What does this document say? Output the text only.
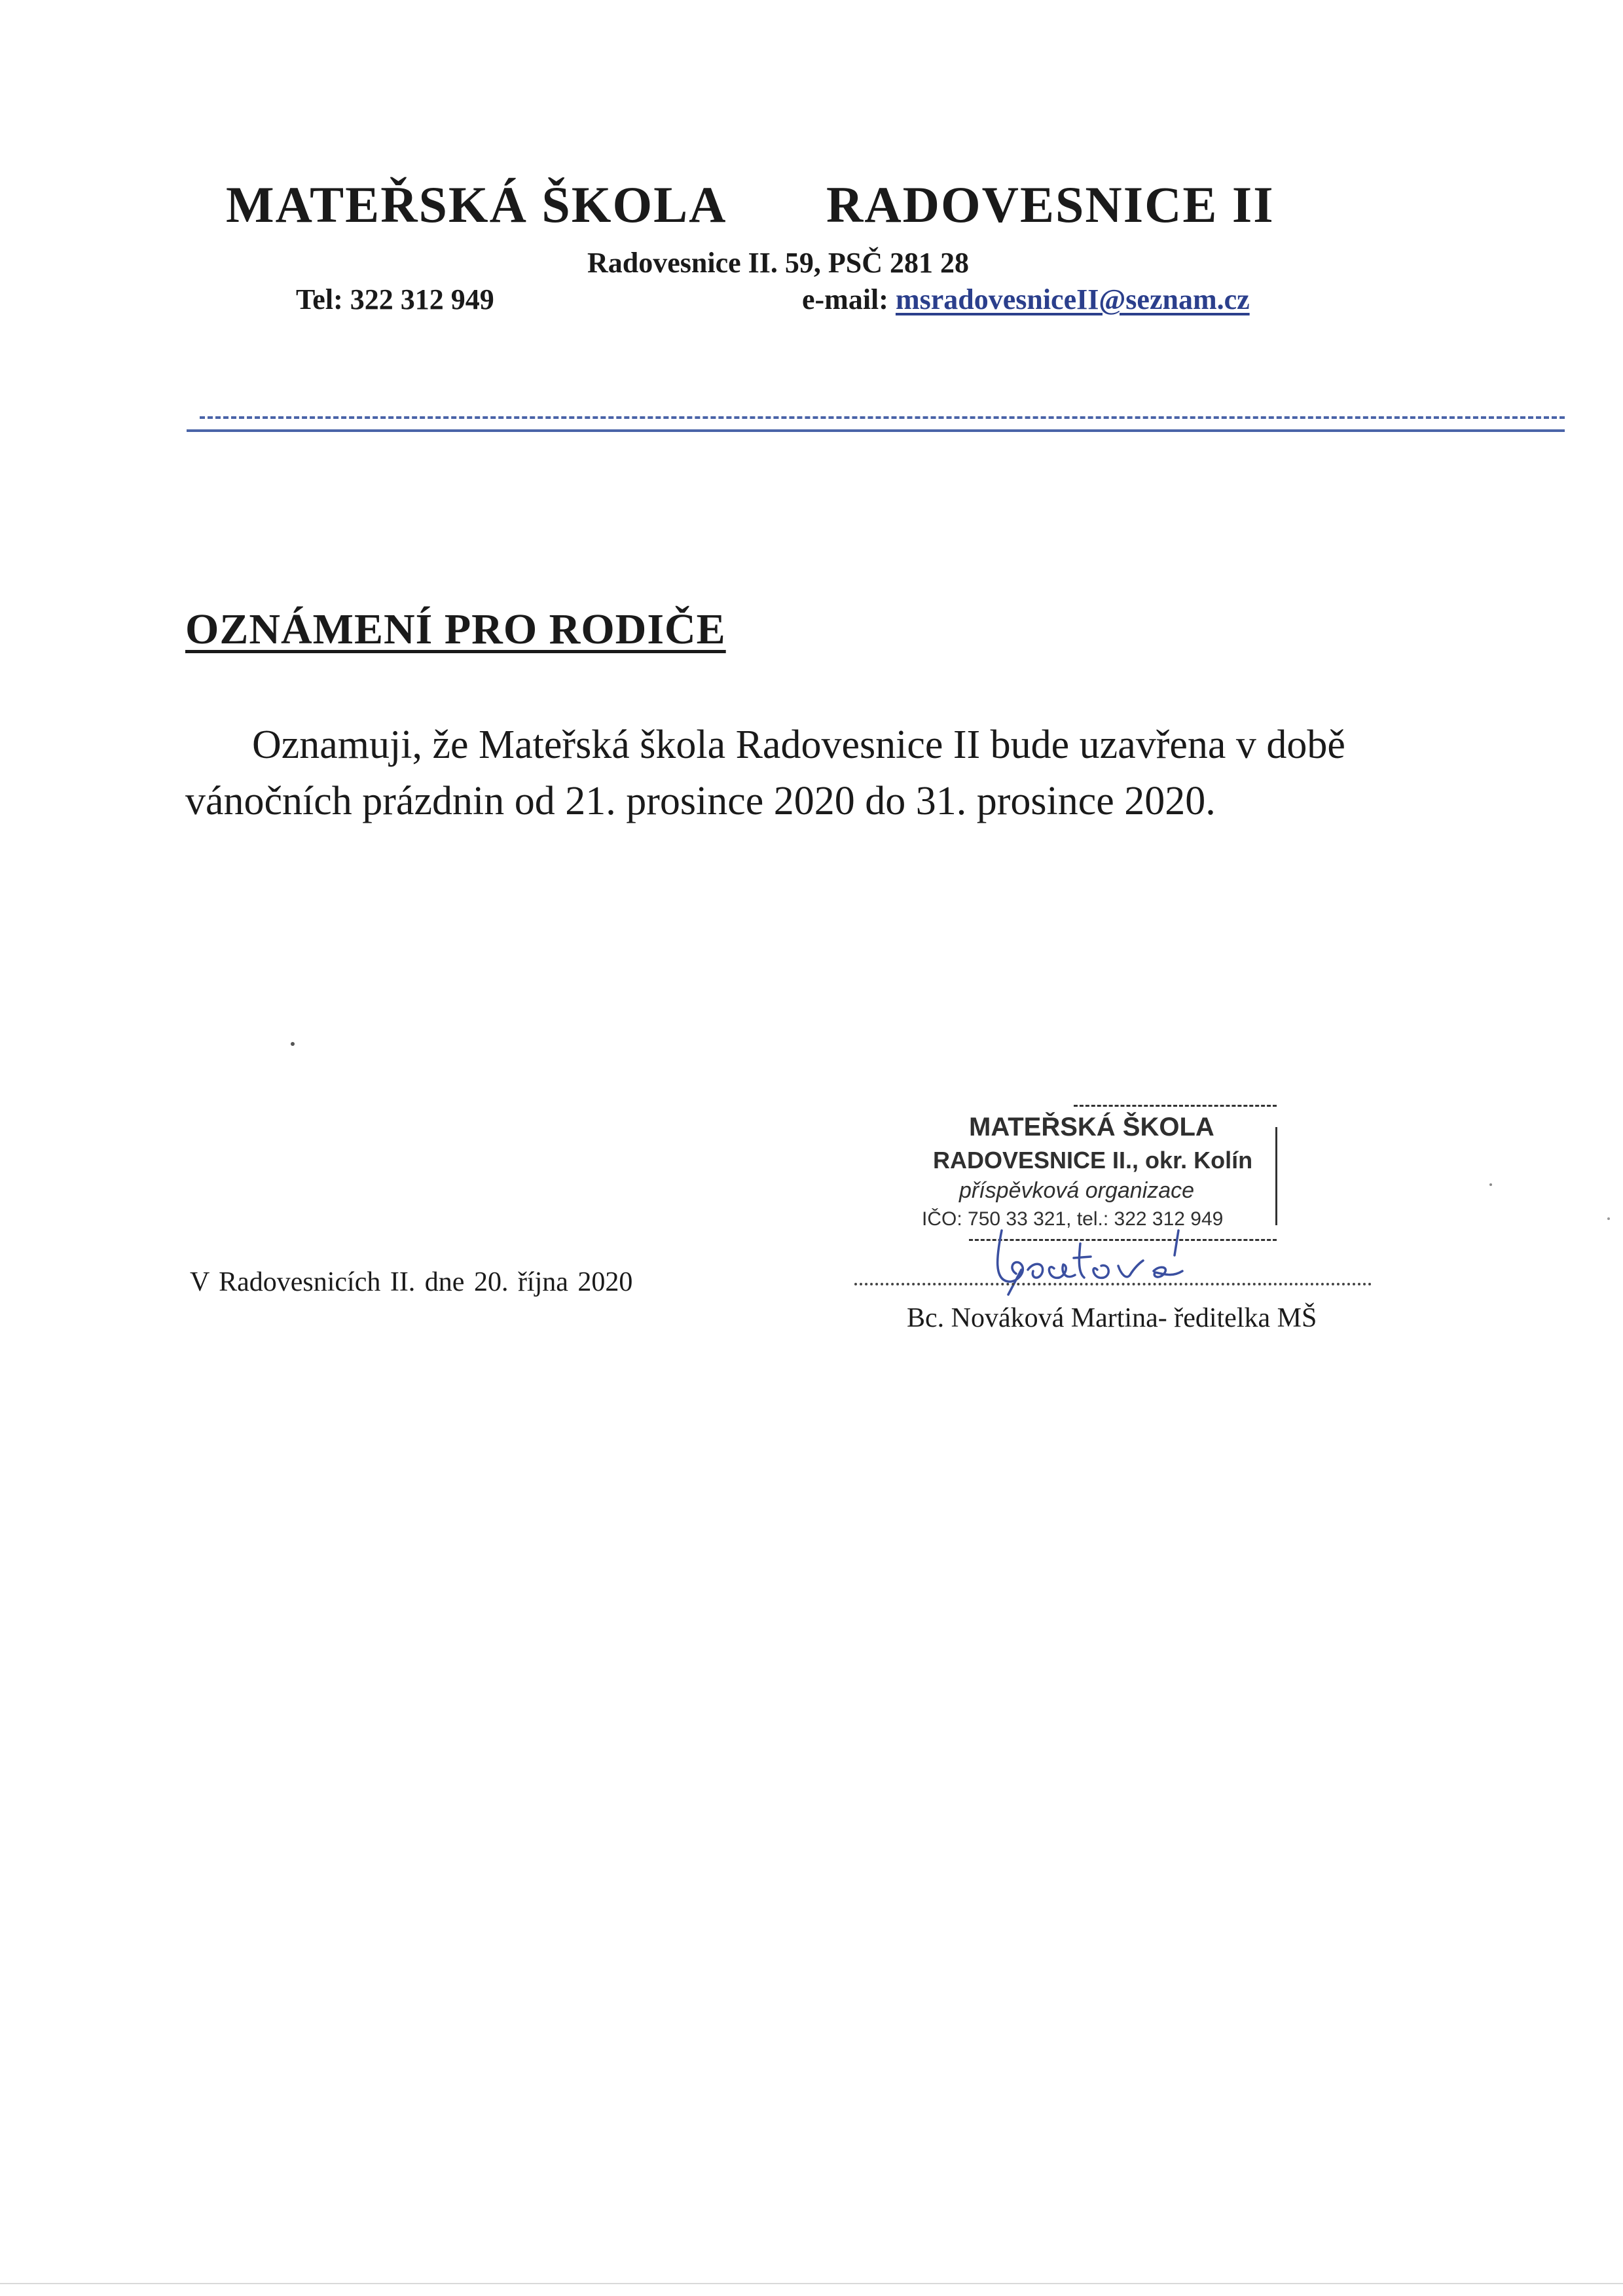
MATEŘSKÁ ŠKOLA RADOVESNICE II
Radovesnice II. 59, PSČ 281 28
Tel: 322 312 949	e-mail: msradovesniceII@seznam.cz
OZNÁMENÍ PRO RODIČE
Oznamuji, že Mateřská škola Radovesnice II bude uzavřena v době vánočních prázdnin od 21. prosince 2020 do 31. prosince 2020.
MATEŘSKÁ ŠKOLA
RADOVESNICE II., okr. Kolín
příspěvková organizace
IČO: 750 33 321, tel.: 322 312 949
Bc. Nováková Martina- ředitelka MŠ
V Radovesnicích II. dne 20. října 2020
